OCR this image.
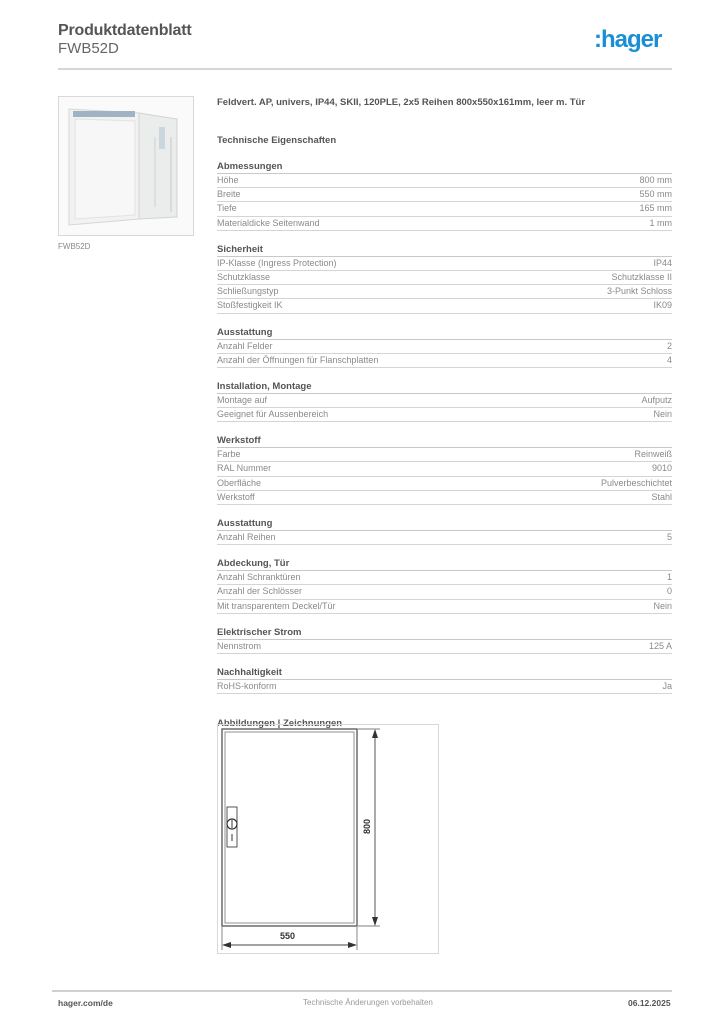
Produktdatenblatt
FWB52D	:hager
FWB52D
Feldvert. AP, univers, IP44, SKII, 120PLE, 2x5 Reihen 800x550x161mm, leer m. Tür
Technische Eigenschaften
Abmessungen
Höhe	800 mm
Breite	550 mm
Tiefe	165 mm
Materialdicke Seitenwand	1 mm
Sicherheit
IP-Klasse (Ingress Protection)	IP44
Schutzklasse	Schutzklasse II
Schließungstyp	3-Punkt Schloss
Stoßfestigkeit IK	IK09
Ausstattung
Anzahl Felder	2
Anzahl der Öffnungen für Flanschplatten	4
Installation, Montage
Montage auf	Aufputz
Geeignet für Aussenbereich	Nein
Werkstoff
Farbe	Reinweiß
RAL Nummer	9010
Oberfläche	Pulverbeschichtet
Werkstoff	Stahl
Ausstattung
Anzahl Reihen	5
Abdeckung, Tür
Anzahl Schranktüren	1
Anzahl der Schlösser	0
Mit transparentem Deckel/Tür	Nein
Elektrischer Strom
Nennstrom	125 A
Nachhaltigkeit
RoHS-konform	Ja
Abbildungen | Zeichnungen
800
550
hager.com/de	Technische Änderungen vorbehalten	06.12.2025
